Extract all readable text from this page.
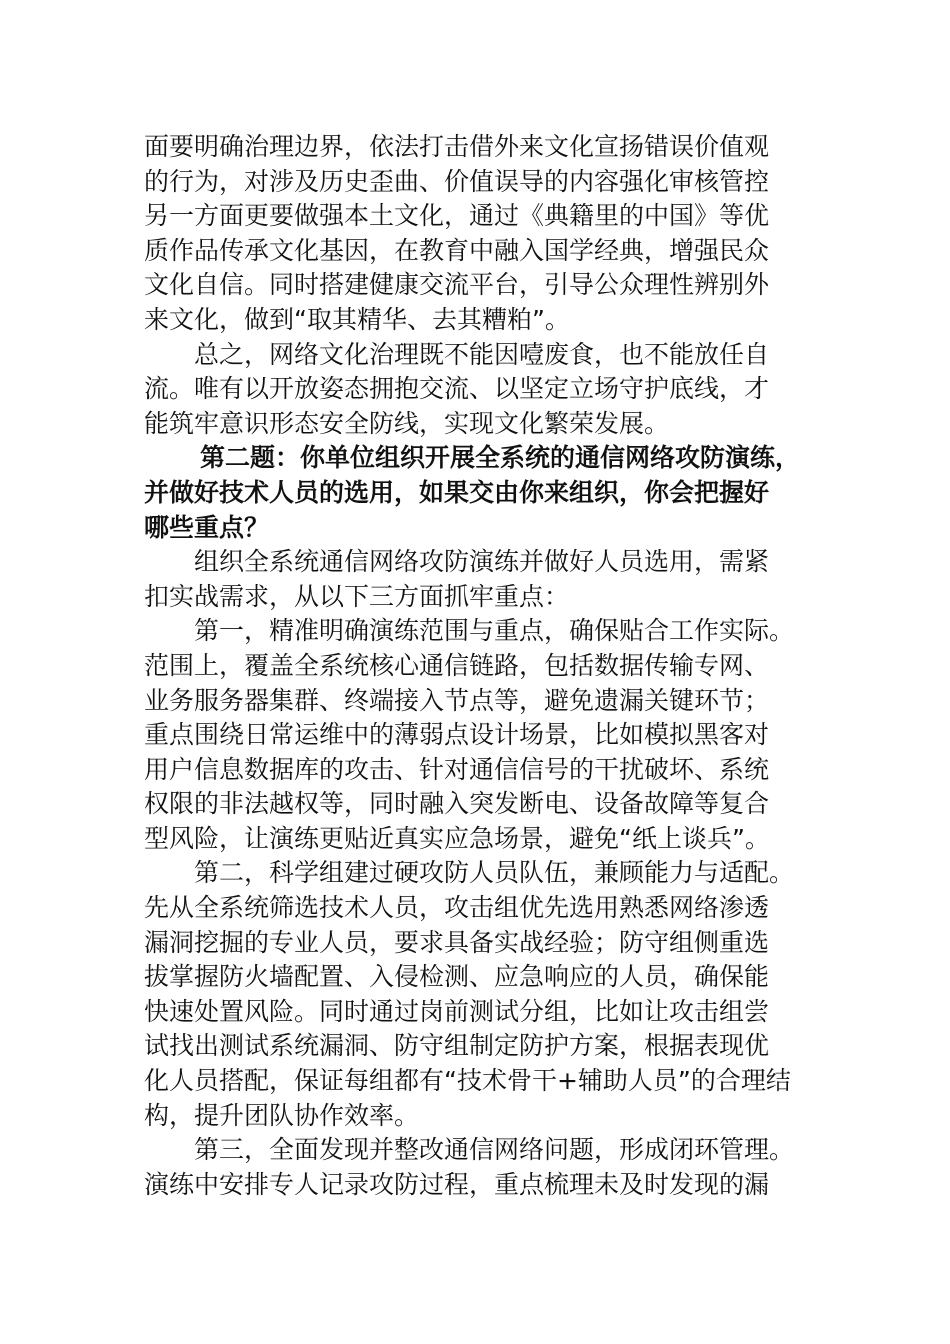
面要明确治理边界，依法打击借外来文化宣扬错误价值观
的行为，对涉及历史歪曲、价值误导的内容强化审核管控
另一方面更要做强本土文化，通过《典籍里的中国》等优
质作品传承文化基因，在教育中融入国学经典，增强民众
文化自信。同时搭建健康交流平台，引导公众理性辨别外
来文化，做到“取其精华、去其糟粕”。
总之，网络文化治理既不能因噎废食，也不能放任自
流。唯有以开放姿态拥抱交流、以坚定立场守护底线，才
能筑牢意识形态安全防线，实现文化繁荣发展。
第二题：你单位组织开展全系统的通信网络攻防演练，
并做好技术人员的选用，如果交由你来组织，你会把握好
哪些重点？
组织全系统通信网络攻防演练并做好人员选用，需紧
扣实战需求，从以下三方面抓牢重点：
第一，精准明确演练范围与重点，确保贴合工作实际。
范围上，覆盖全系统核心通信链路，包括数据传输专网、
业务服务器集群、终端接入节点等，避免遗漏关键环节；
重点围绕日常运维中的薄弱点设计场景，比如模拟黑客对
用户信息数据库的攻击、针对通信信号的干扰破坏、系统
权限的非法越权等，同时融入突发断电、设备故障等复合
型风险，让演练更贴近真实应急场景，避免“纸上谈兵”。
第二，科学组建过硬攻防人员队伍，兼顾能力与适配。
先从全系统筛选技术人员，攻击组优先选用熟悉网络渗透
漏洞挖掘的专业人员，要求具备实战经验；防守组侧重选
拔掌握防火墙配置、入侵检测、应急响应的人员，确保能
快速处置风险。同时通过岗前测试分组，比如让攻击组尝
试找出测试系统漏洞、防守组制定防护方案，根据表现优
化人员搭配，保证每组都有“技术骨干+辅助人员”的合理结
构，提升团队协作效率。
第三，全面发现并整改通信网络问题，形成闭环管理。
演练中安排专人记录攻防过程，重点梳理未及时发现的漏
